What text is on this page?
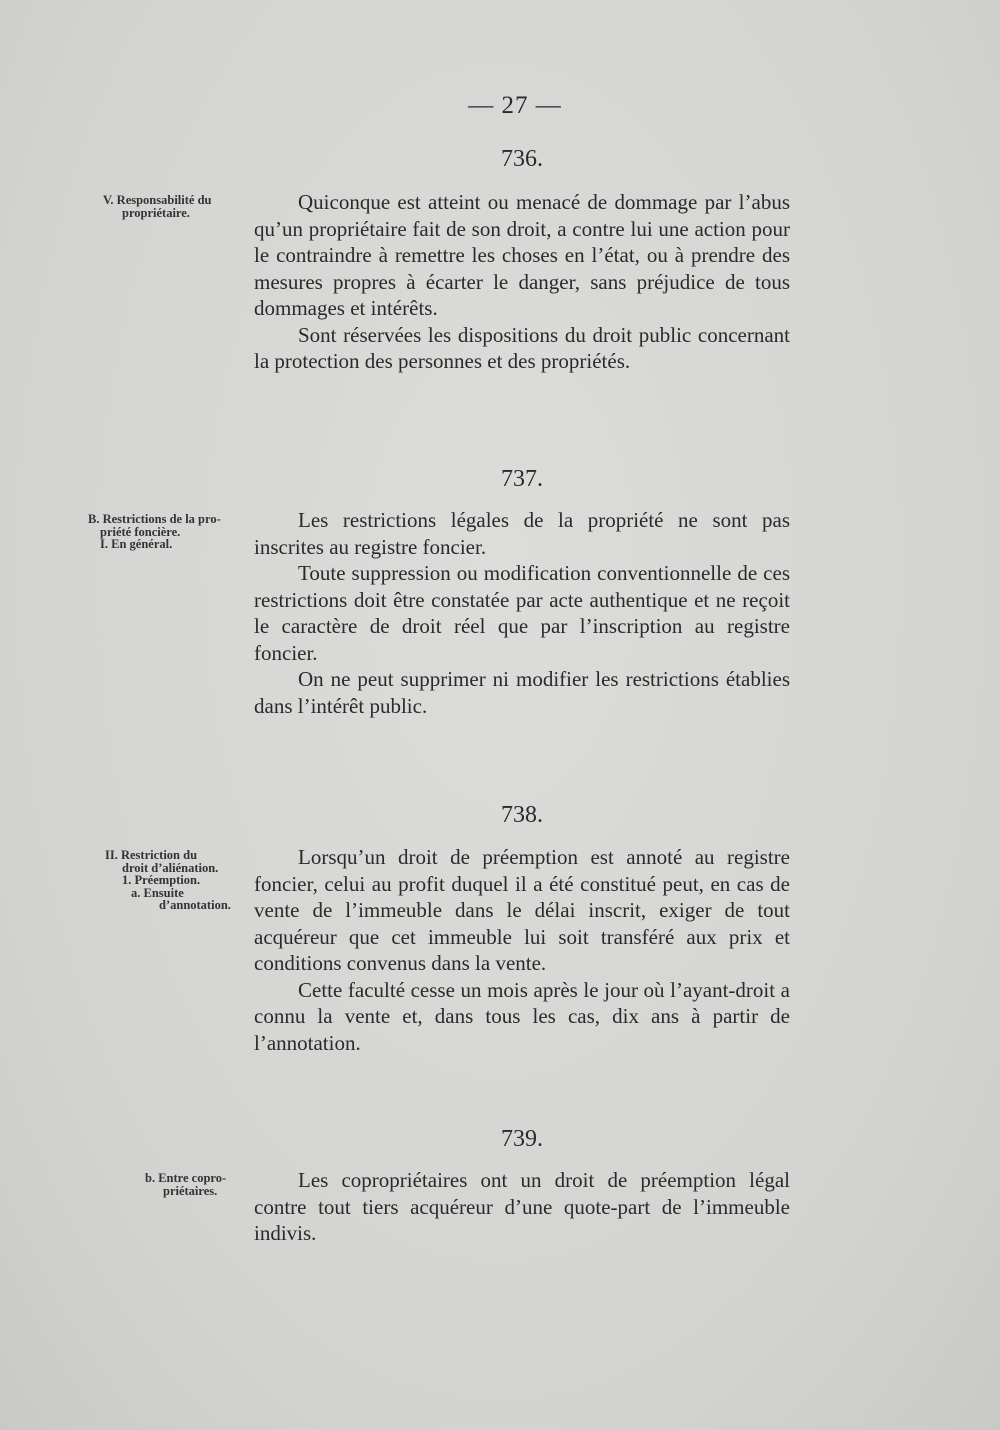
— 27 —
736.
V. Responsabilité du
propriétaire.	Quiconque est atteint ou menacé de dommage par l’abus qu’un propriétaire fait de son droit, a contre lui une action pour le contraindre à remettre les choses en l’état, ou à prendre des mesures propres à écarter le danger, sans préjudice de tous dommages et intérêts.

Sont réservées les dispositions du droit public concernant la protection des personnes et des propriétés.

737.
B. Restrictions de la pro-
priété foncière.
I. En général.

Les restrictions légales de la propriété ne sont pas inscrites au registre foncier.

Toute suppression ou modification conventionnelle de ces restrictions doit être constatée par acte authentique et ne reçoit le caractère de droit réel que par l’inscription au registre foncier.

On ne peut supprimer ni modifier les restrictions établies dans l’intérêt public.

738.
II. Restriction du
droit d’aliénation.
1. Préemption.
a. Ensuite
d’annotation.

Lorsqu’un droit de préemption est annoté au registre foncier, celui au profit duquel il a été constitué peut, en cas de vente de l’immeuble dans le délai inscrit, exiger de tout acquéreur que cet immeuble lui soit transféré aux prix et conditions convenus dans la vente.

Cette faculté cesse un mois après le jour où l’ayant-droit a connu la vente et, dans tous les cas, dix ans à partir de l’annotation.

739.
b. Entre copro-
priétaires.	Les copropriétaires ont un droit de préemption légal contre tout tiers acquéreur d’une quote-part de l’immeuble indivis.
